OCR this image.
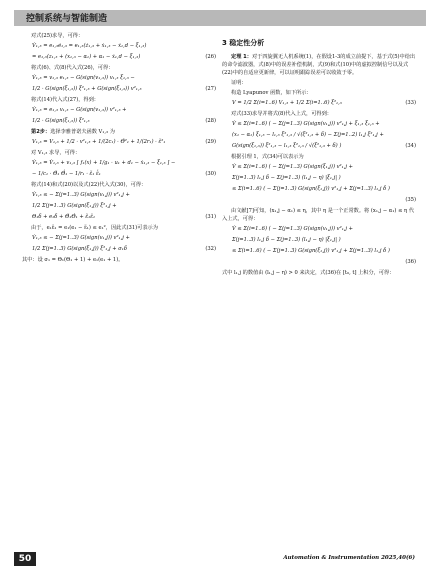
控制系统与智能制造

对式(25)求导，可得：

V̇₁,₃ = e₁,₃ė₁,₃ = e₁,₃(ż₁,₃ + ẋ₁,₃ − ẋ₁,d − ξ̇₁,₃)
= e₁,₃(z₁,₃ + (x₁,₃ − α₁) + α₁ − ẋ₁,d − ξ̇₁,₃)	(26)

将式(6)、式(8)代入式(26)，可得：

V̇₁,₃ = v₁,₃ e₁,₃ − G(sign(v₁,₃)) v₁,₃ ξ̇₁,₃ −
1/2 · G(sign(ξ₁,₃)) ξ²₁,₃ + G(sign(ξ₁,₃)) v²₁,₃	(27)

将式(14)代入式(27)，得到：

V̇₁,₃ = e₁,₃ v₁,₃ − G(sign(v₁,₃)) v²₁,₃ +
1/2 · G(sign(ξ₁,₃)) ξ²₁,₃	(28)

第2步：选择李雅普诺夫函数 V₁,₃ 为

V₁,₃ = V₁,₃ + 1/2 · v²₁,₃ + 1/(2c₁) · Θ̃²₁ + 1/(2r₁) · ε̃²₁	(29)

对 V₁,₃ 求导，可得：

V̇₁,₃ = V̇₁,₃ + v₁,₃ [ f₁(x) + 1/g₁ · u₁ + d₁ − ẋ₁,₃ − ξ̇₁,₃ ] −
− 1/c₁ · Θ̃₁ Θ̂̇₁ − 1/r₁ · ε̃₁ ε̂̇₁	(30)

将式(14)和式(20)以及式(22)代入式(30)，可得：

V̇₁,₃ ≤ − Σ(j=1..3) G(sign(v₁,j)) v²₁,j +
1/2 Σ(j=1..3) G(sign(ξ₁,j)) ξ²₁,j +
Θ₁δ + e₁δ + Θ̃₁Θ̂₁ + ε̃₁ε̂₁	(31)

由于，e₁ε̂₁ = e₁(e₁ − ε̃₁) ≤ e₁²，因此式(31)可表示为

V̇₁,₃ ≤ − Σ(j=1..3) G(sign(v₁,j)) v²₁,j +
1/2 Σ(j=1..3) G(sign(ξ₁,j)) ξ²₁,j + σ₁δ	(32)

其中：设 σ₁ = Θ₁(Θ₁ + 1) + e₁(e₁ + 1)。

3 稳定性分析

定理 1：对于四旋翼无人机系统(1)，在假设1-3的成立前提下，基于式(5)中给出的命令滤波器，式(8)中的误差补偿机制，式(9)和式(10)中的虚拟控制信号以及式(22)中的自适应更新律，可以证明跟踪误差可以收敛于零。

证明：

构造 Lyapunov 函数，如下所示：

V = 1/2 Σ(i=1..6) V₁,₃ + 1/2 Σ(i=1..6) ξ²₁,₃	(33)

对式(33)求导并将式(8)代入上式，可得到：

V̇ ≤ Σ(i=1..6) ( − Σ(j=1..3) G(sign(v₁,j)) v²₁,j + ξ₁,₃ ξ̇₁,₃ +
(x₁ − α₁) ξ₁,₃ − l₁,₃ ξ²₁,₃ / √(ξ²₁,₃ + δ) − Σ(j=1..2) l₁,j ξ²₁,j +
G(sign(ξ₁,₃)) ξ²₁,₃ − l₁,₃ ξ²₁,₃ / √(ξ²₁,₃ + δ) )	(34)

根据引理 1，式(34)可以表示为

V̇ ≤ Σ(i=1..6) ( − Σ(j=1..3) G(sign(ξ₁,j)) v²₁,j +
Σ(j=1..3) l₁,j δ − Σ(j=1..3) (l₁,j − η) |ξ₁,j| )
≤ Σ(i=1..6) ( − Σ(j=1..3) G(sign(ξ₁,j)) v²₁,j + Σ(j=1..3) l₁,j δ )
(35)

由文献[7]可知，(x₁,j − α₁) ≤ η，其中 η 是一个正常数。将 (x₁,j − α₁) ≤ η 代入上式，可得：

V̇ ≤ Σ(i=1..6) ( − Σ(j=1..3) G(sign(v₁,j)) v²₁,j +
Σ(j=1..3) l₁,j δ − Σ(j=1..3) (l₁,j − η) |ξ₁,j| )
≤ Σ(i=1..6) ( − Σ(j=1..3) G(sign(ξ₁,j)) v²₁,j + Σ(j=1..3) l₁,j δ )
(36)

式中 l₁,j 的数值由 (l₁,j − η) > 0 来决定，式(36)在 [t₀, t] 上积分，可得：

50	Automation & Instrumentation 2025,40(6)
